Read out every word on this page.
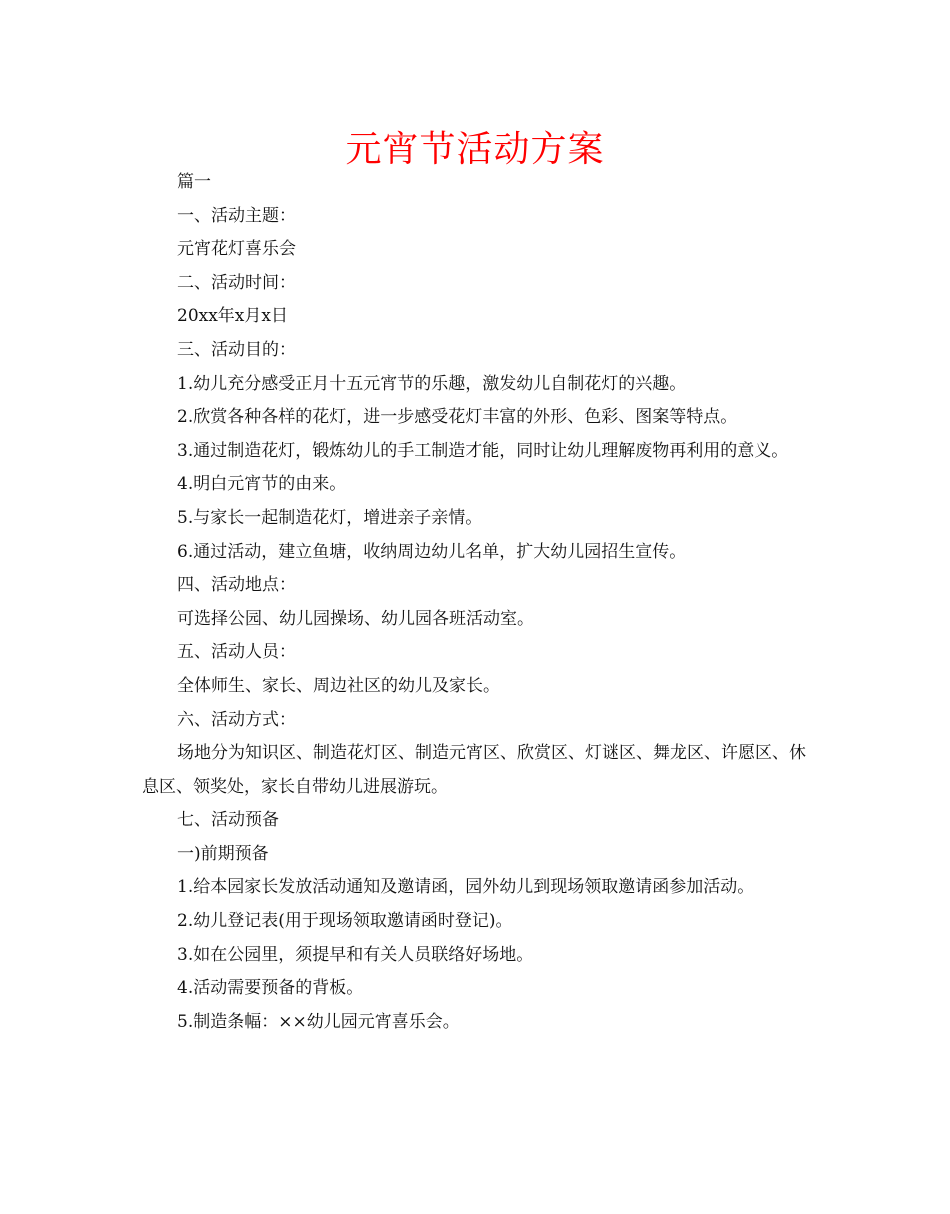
元宵节活动方案

篇一

一、活动主题：

元宵花灯喜乐会

二、活动时间：

20xx年x月x日

三、活动目的：

1.幼儿充分感受正月十五元宵节的乐趣，激发幼儿自制花灯的兴趣。

2.欣赏各种各样的花灯，进一步感受花灯丰富的外形、色彩、图案等特点。

3.通过制造花灯，锻炼幼儿的手工制造才能，同时让幼儿理解废物再利用的意义。

4.明白元宵节的由来。

5.与家长一起制造花灯，增进亲子亲情。

6.通过活动，建立鱼塘，收纳周边幼儿名单，扩大幼儿园招生宣传。

四、活动地点：

可选择公园、幼儿园操场、幼儿园各班活动室。

五、活动人员：

全体师生、家长、周边社区的幼儿及家长。

六、活动方式：

场地分为知识区、制造花灯区、制造元宵区、欣赏区、灯谜区、舞龙区、许愿区、休息区、领奖处，家长自带幼儿进展游玩。

七、活动预备

一)前期预备

1.给本园家长发放活动通知及邀请函，园外幼儿到现场领取邀请函参加活动。

2.幼儿登记表(用于现场领取邀请函时登记)。

3.如在公园里，须提早和有关人员联络好场地。

4.活动需要预备的背板。

5.制造条幅：××幼儿园元宵喜乐会。
